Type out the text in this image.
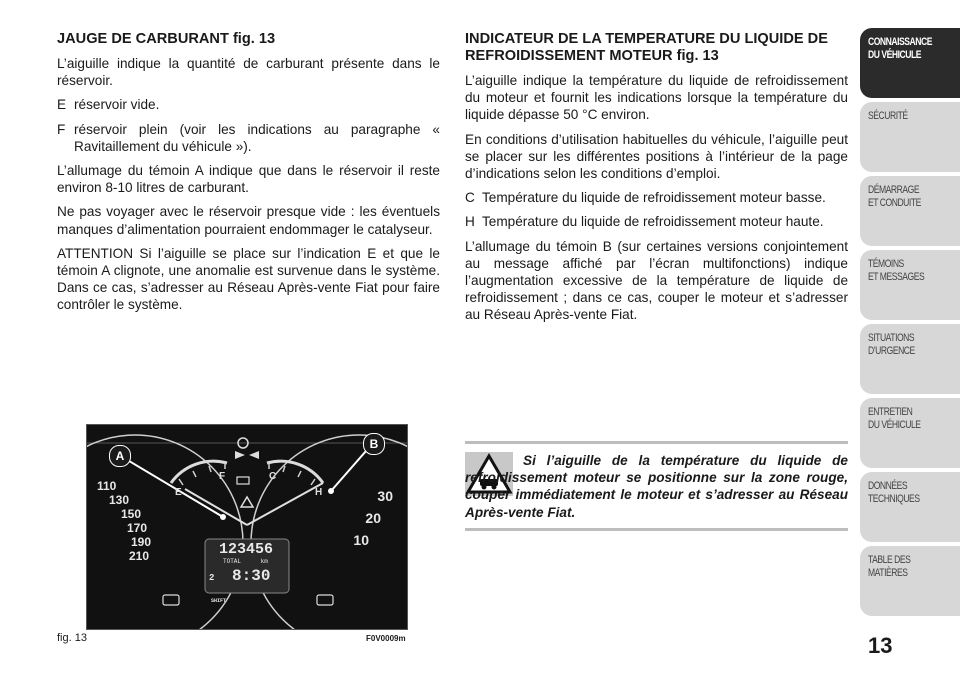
JAUGE DE CARBURANT fig. 13

L’aiguille indique la quantité de carburant présente dans le réservoir.

E réservoir vide.
F réservoir plein (voir les indications au paragraphe « Ravitaillement du véhicule »).

L’allumage du témoin A indique que dans le réservoir il reste environ 8-10 litres de carburant.

Ne pas voyager avec le réservoir presque vide : les éventuels manques d’alimentation pourraient endommager le catalyseur.

ATTENTION Si l’aiguille se place sur l’indication E et que le témoin A clignote, une anomalie est survenue dans le système. Dans ce cas, s’adresser au Réseau Après-vente Fiat pour faire contrôler le système.

INDICATEUR DE LA TEMPERATURE DU LIQUIDE DE REFROIDISSEMENT MOTEUR fig. 13

L’aiguille indique la température du liquide de refroidissement du moteur et fournit les indications lorsque la température du liquide dépasse 50 °C environ.

En conditions d’utilisation habituelles du véhicule, l’aiguille peut se placer sur les différentes positions à l’intérieur de la page d’indications selon les conditions d’emploi.

C Température du liquide de refroidissement moteur basse.
H Température du liquide de refroidissement moteur haute.

L’allumage du témoin B (sur certaines versions conjointement au message affiché par l’écran multifonctions) indique l’augmentation excessive de la température de liquide de refroidissement ; dans ce cas, couper le moteur et s’adresser au Réseau Après-vente Fiat.

Si l’aiguille de la température du liquide de refroidissement moteur se positionne sur la zone rouge, couper immédiatement le moteur et s’adresser au Réseau Après-vente Fiat.
A
B
E
F	C
H
110
130
150
170
190
210
30
20
10
123456
TOTAL	km
2 8:30 SHIFT
fig. 13	F0V0009m
CONNAISSANCE
DU VÉHICULE
SÉCURITÉ
DÉMARRAGE
ET CONDUITE
TÉMOINS
ET MESSAGES
SITUATIONS
D’URGENCE
ENTRETIEN
DU VÉHICULE
DONNÉES
TECHNIQUES
TABLE DES
MATIÈRES
13
